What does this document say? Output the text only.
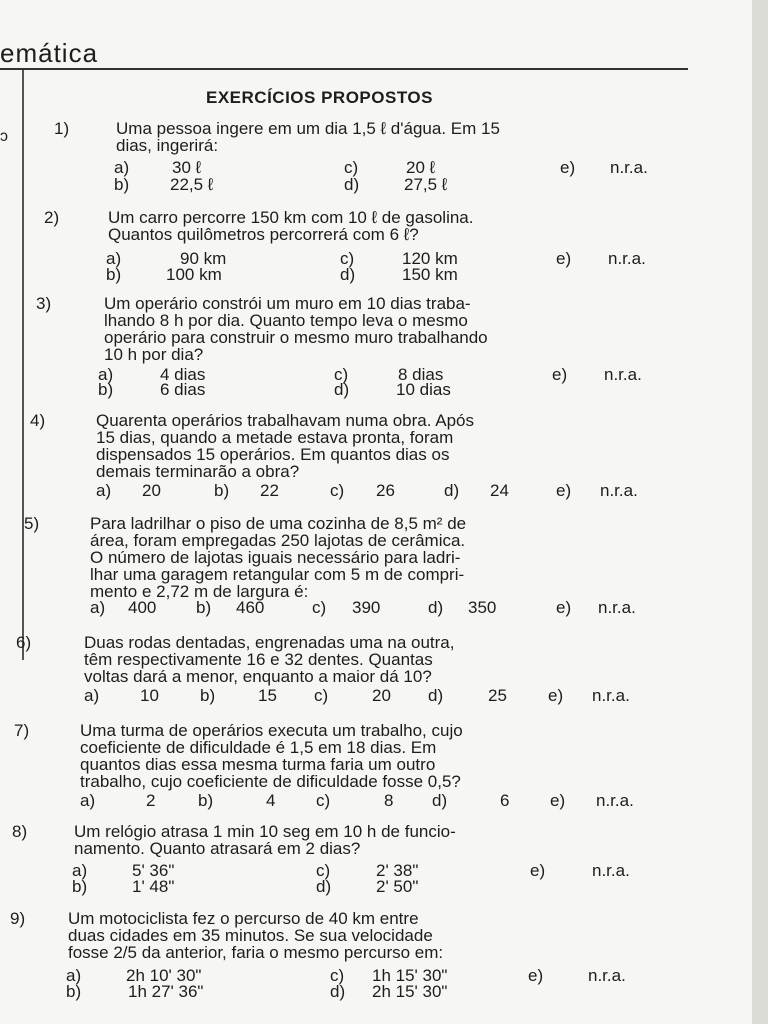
emática
ɔ
EXERCÍCIOS PROPOSTOS
1)	Uma pessoa ingere em um dia 1,5 ℓ d'água. Em 15
dias, ingerirá:
a)	30 ℓ	c)	20 ℓ	e) n.r.a.
b) 22,5 ℓ	d)	27,5 ℓ
2)	Um carro percorre 150 km com 10 ℓ de gasolina.
Quantos quilômetros percorrerá com 6 ℓ?
a)	90 km	c)	120 km	e) n.r.a.
b)	100 km	d)	150 km
3)	Um operário constrói um muro em 10 dias traba-
lhando 8 h por dia. Quanto tempo leva o mesmo
operário para construir o mesmo muro trabalhando
10 h por dia?
a)	4 dias	c)	8 dias	e) n.r.a.
b)	6 dias	d)	10 dias
4)	Quarenta operários trabalhavam numa obra. Após
15 dias, quando a metade estava pronta, foram
dispensados 15 operários. Em quantos dias os
demais terminarão a obra?
a) 20	b) 22	c) 26	d) 24	e) n.r.a.
5)	Para ladrilhar o piso de uma cozinha de 8,5 m² de
área, foram empregadas 250 lajotas de cerâmica.
O número de lajotas iguais necessário para ladri-
lhar uma garagem retangular com 5 m de compri-
mento e 2,72 m de largura é:
a) 400 b) 460	c) 390	d) 350	e) n.r.a.
6)	Duas rodas dentadas, engrenadas uma na outra,
têm respectivamente 16 e 32 dentes. Quantas
voltas dará a menor, enquanto a maior dá 10?
a) 10 b)	15 c)	20 d)	25 e) n.r.a.
7)	Uma turma de operários executa um trabalho, cujo
coeficiente de dificuldade é 1,5 em 18 dias. Em
quantos dias essa mesma turma faria um outro
trabalho, cujo coeficiente de dificuldade fosse 0,5?
a)	2	b)	4 c)	8 d)	6 e) n.r.a.
8)	Um relógio atrasa 1 min 10 seg em 10 h de funcio-
namento. Quanto atrasará em 2 dias?
a)	5' 36"	c)	2' 38"	e)	n.r.a.
b)	1' 48"	d)	2' 50"
9)	Um motociclista fez o percurso de 40 km entre
duas cidades em 35 minutos. Se sua velocidade
fosse 2/5 da anterior, faria o mesmo percurso em:
a)	2h 10' 30"	c) 1h 15' 30"	e)	n.r.a.
b)	1h 27' 36"	d) 2h 15' 30"
